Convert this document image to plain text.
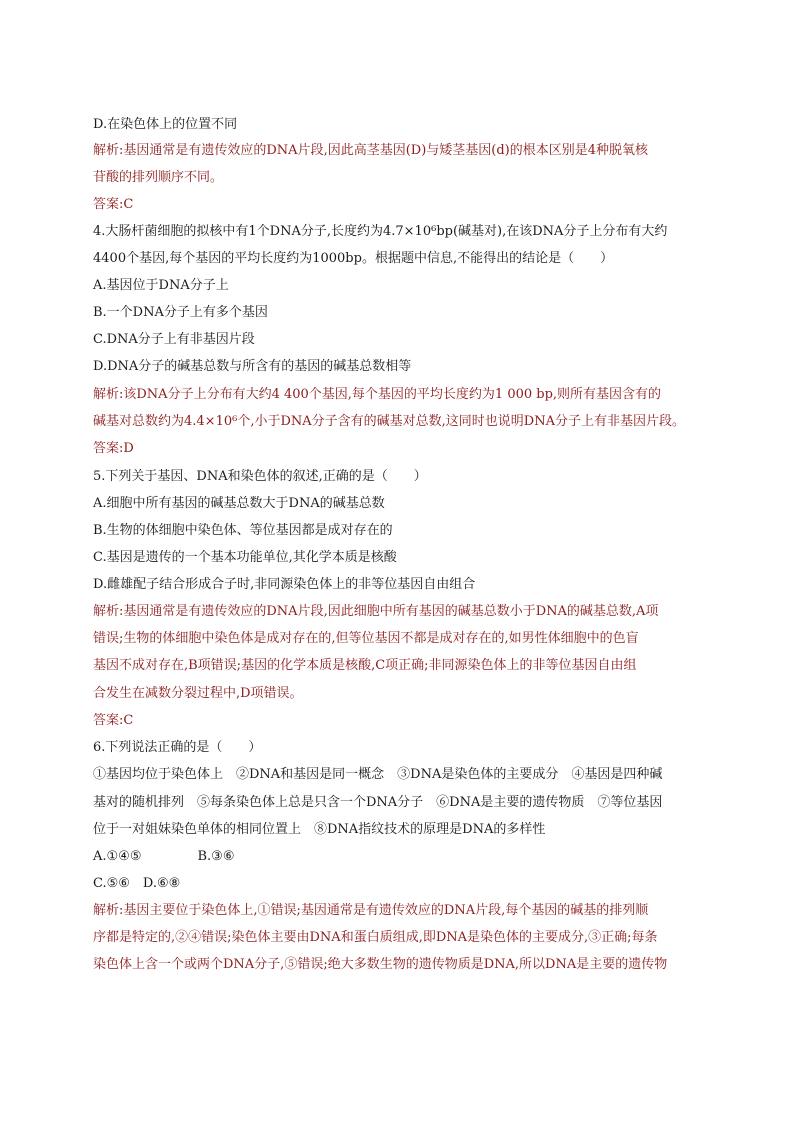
D.在染色体上的位置不同
解析:基因通常是有遗传效应的DNA片段,因此高茎基因(D)与矮茎基因(d)的根本区别是4种脱氧核
苷酸的排列顺序不同。
答案:C
4.大肠杆菌细胞的拟核中有1个DNA分子,长度约为4.7×10⁶bp(碱基对),在该DNA分子上分布有大约
4400个基因,每个基因的平均长度约为1000bp。根据题中信息,不能得出的结论是（　　）
A.基因位于DNA分子上
B.一个DNA分子上有多个基因
C.DNA分子上有非基因片段
D.DNA分子的碱基总数与所含有的基因的碱基总数相等
解析:该DNA分子上分布有大约4 400个基因,每个基因的平均长度约为1 000 bp,则所有基因含有的
碱基对总数约为4.4×10⁶个,小于DNA分子含有的碱基对总数,这同时也说明DNA分子上有非基因片段。
答案:D
5.下列关于基因、DNA和染色体的叙述,正确的是（　　）
A.细胞中所有基因的碱基总数大于DNA的碱基总数
B.生物的体细胞中染色体、等位基因都是成对存在的
C.基因是遗传的一个基本功能单位,其化学本质是核酸
D.雌雄配子结合形成合子时,非同源染色体上的非等位基因自由组合
解析:基因通常是有遗传效应的DNA片段,因此细胞中所有基因的碱基总数小于DNA的碱基总数,A项
错误;生物的体细胞中染色体是成对存在的,但等位基因不都是成对存在的,如男性体细胞中的色盲
基因不成对存在,B项错误;基因的化学本质是核酸,C项正确;非同源染色体上的非等位基因自由组
合发生在减数分裂过程中,D项错误。
答案:C
6.下列说法正确的是（　　）
①基因均位于染色体上　②DNA和基因是同一概念　③DNA是染色体的主要成分　④基因是四种碱
基对的随机排列　⑤每条染色体上总是只含一个DNA分子　⑥DNA是主要的遗传物质　⑦等位基因
位于一对姐妹染色单体的相同位置上　⑧DNA指纹技术的原理是DNA的多样性
A.①④⑤	B.③⑥
C.⑤⑥　D.⑥⑧
解析:基因主要位于染色体上,①错误;基因通常是有遗传效应的DNA片段,每个基因的碱基的排列顺
序都是特定的,②④错误;染色体主要由DNA和蛋白质组成,即DNA是染色体的主要成分,③正确;每条
染色体上含一个或两个DNA分子,⑤错误;绝大多数生物的遗传物质是DNA,所以DNA是主要的遗传物
